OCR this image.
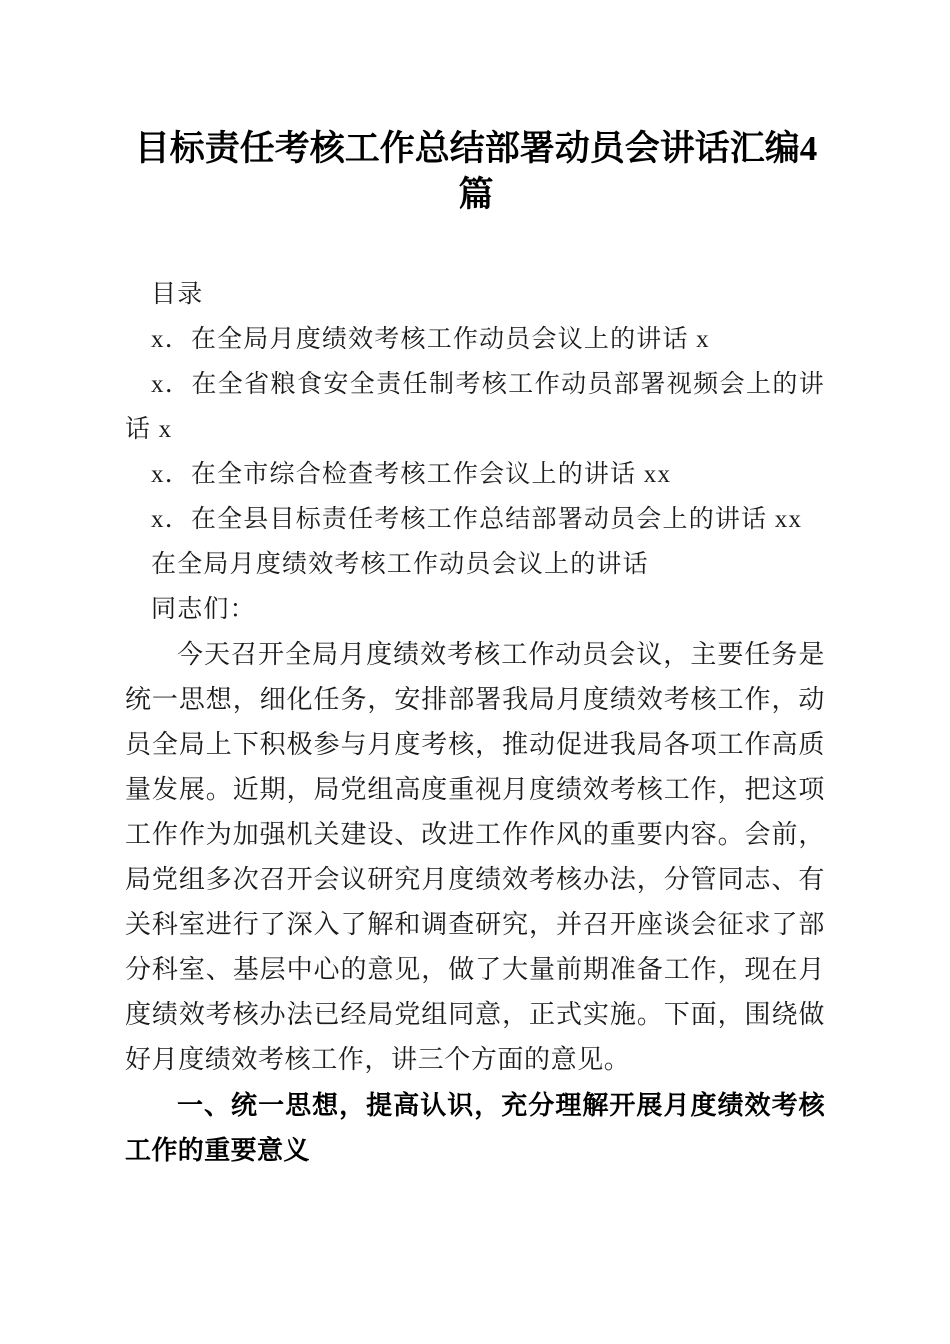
目标责任考核工作总结部署动员会讲话汇编4篇
目录
x．在全局月度绩效考核工作动员会议上的讲话 x
x．在全省粮食安全责任制考核工作动员部署视频会上的讲话 x
x．在全市综合检查考核工作会议上的讲话 xx
x．在全县目标责任考核工作总结部署动员会上的讲话 xx
在全局月度绩效考核工作动员会议上的讲话
同志们：

今天召开全局月度绩效考核工作动员会议，主要任务是统一思想，细化任务，安排部署我局月度绩效考核工作，动员全局上下积极参与月度考核，推动促进我局各项工作高质量发展。近期，局党组高度重视月度绩效考核工作，把这项工作作为加强机关建设、改进工作作风的重要内容。会前，局党组多次召开会议研究月度绩效考核办法，分管同志、有关科室进行了深入了解和调查研究，并召开座谈会征求了部分科室、基层中心的意见，做了大量前期准备工作，现在月度绩效考核办法已经局党组同意，正式实施。下面，围绕做好月度绩效考核工作，讲三个方面的意见。

一、统一思想，提高认识，充分理解开展月度绩效考核工作的重要意义
